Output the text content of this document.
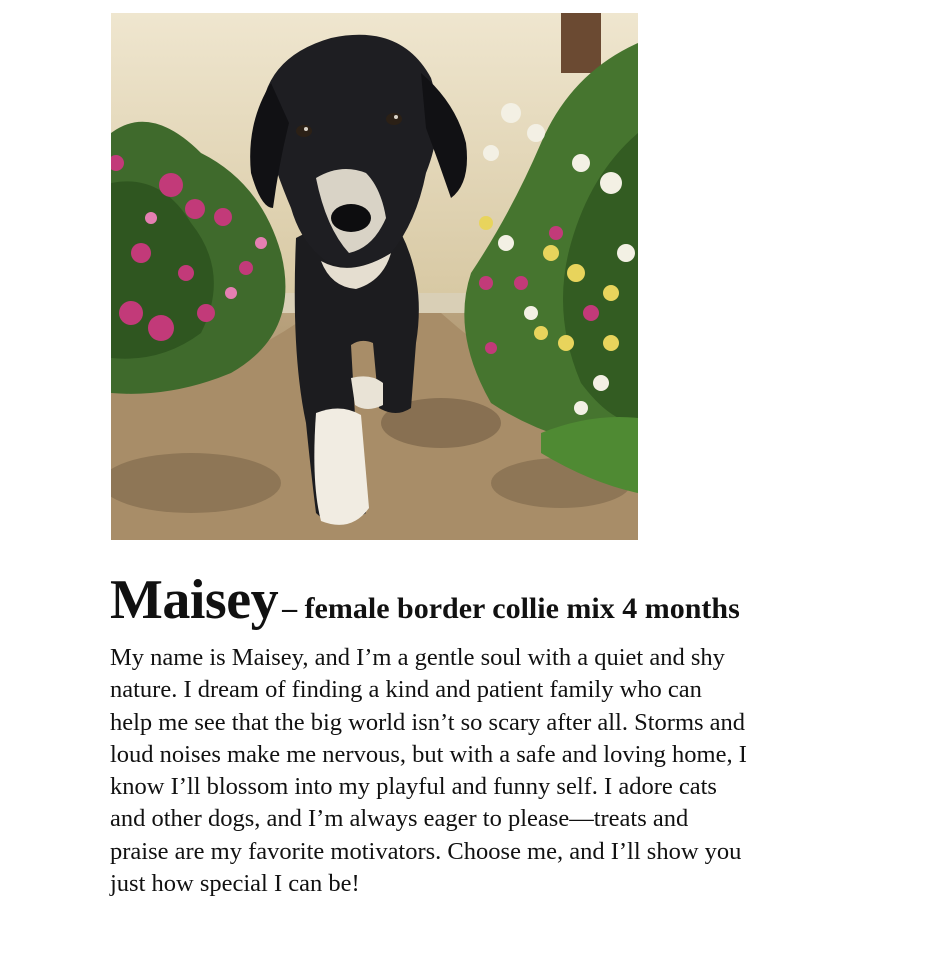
Maisey – female border collie mix 4 months

My name is Maisey, and I’m a gentle soul with a quiet and shy
nature. I dream of finding a kind and patient family who can
help me see that the big world isn’t so scary after all. Storms and
loud noises make me nervous, but with a safe and loving home, I
know I’ll blossom into my playful and funny self. I adore cats
and other dogs, and I’m always eager to please—treats and
praise are my favorite motivators. Choose me, and I’ll show you
just how special I can be!
